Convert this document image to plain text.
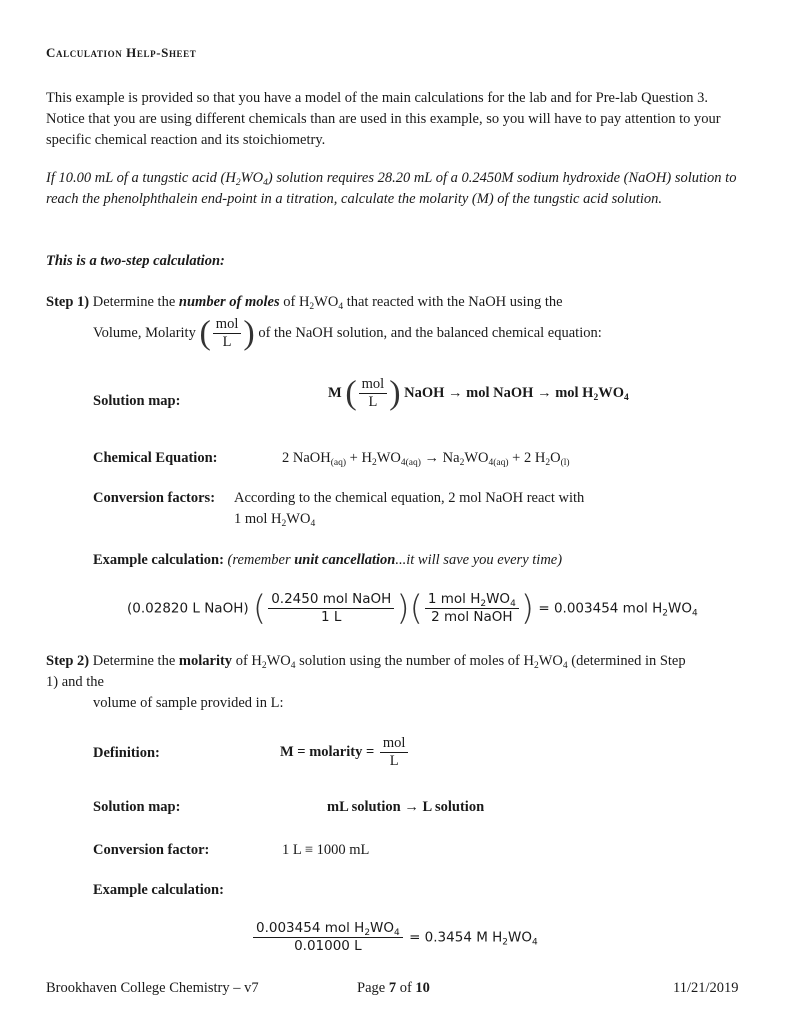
Calculation Help-Sheet
This example is provided so that you have a model of the main calculations for the lab and for Pre-lab Question 3. Notice that you are using different chemicals than are used in this example, so you will have to pay attention to your specific chemical reaction and its stoichiometry.
If 10.00 mL of a tungstic acid $(H_2WO_4)$ solution requires 28.20 mL of a 0.2450M sodium hydroxide (NaOH) solution to reach the phenolphthalein end-point in a titration, calculate the molarity (M) of the tungstic acid solution.
This is a two-step calculation:
Step 1) Determine the number of moles of $H_2WO_4$ that reacted with the NaOH using the
Volume, Molarity ( $\frac{\text{mol}}{L}$ ) of the NaOH solution, and the balanced chemical equation:
Solution map:
M ( $\frac{\text{mol}}{L}$ ) NaOH → mol NaOH → mol $H_2WO_4$
Chemical Equation:	2 NaOH$_{(aq)}$ + $H_2WO_{4(aq)} \to Na_2WO_{4(aq)} + 2$ $H_2O_{(l)}$
Conversion factors: According to the chemical equation, 2 mol NaOH react with
1 mol $H_2WO_4$
Example calculation: (remember unit cancellation...it will save you every time)
(0.02820 L NaOH) ( $\frac{\text{0.2450 mol NaOH}}{1 L}$ )( $\frac{1 mol H_2WO_4}{\text{2 mol NaOH}}$ ) = 0.003454 mol $H_2WO_4$
Step 2) Determine the molarity of $H_2WO_4$ solution using the number of moles of $H_2WO_4$ (determined in Step
1) and the
volume of sample provided in L:
Definition:	M = molarity = $\frac{\text{mol}}{L}$
Solution map:	mL solution → L solution
Conversion factor:	1 L ≡ 1000 mL
Example calculation:
$\frac{0.003454 mol H_2WO_4}{0.01000 L} = 0.3454$ M $H_2WO_4$
Brookhaven College Chemistry – v7	Page 7 of 10	11/21/2019
